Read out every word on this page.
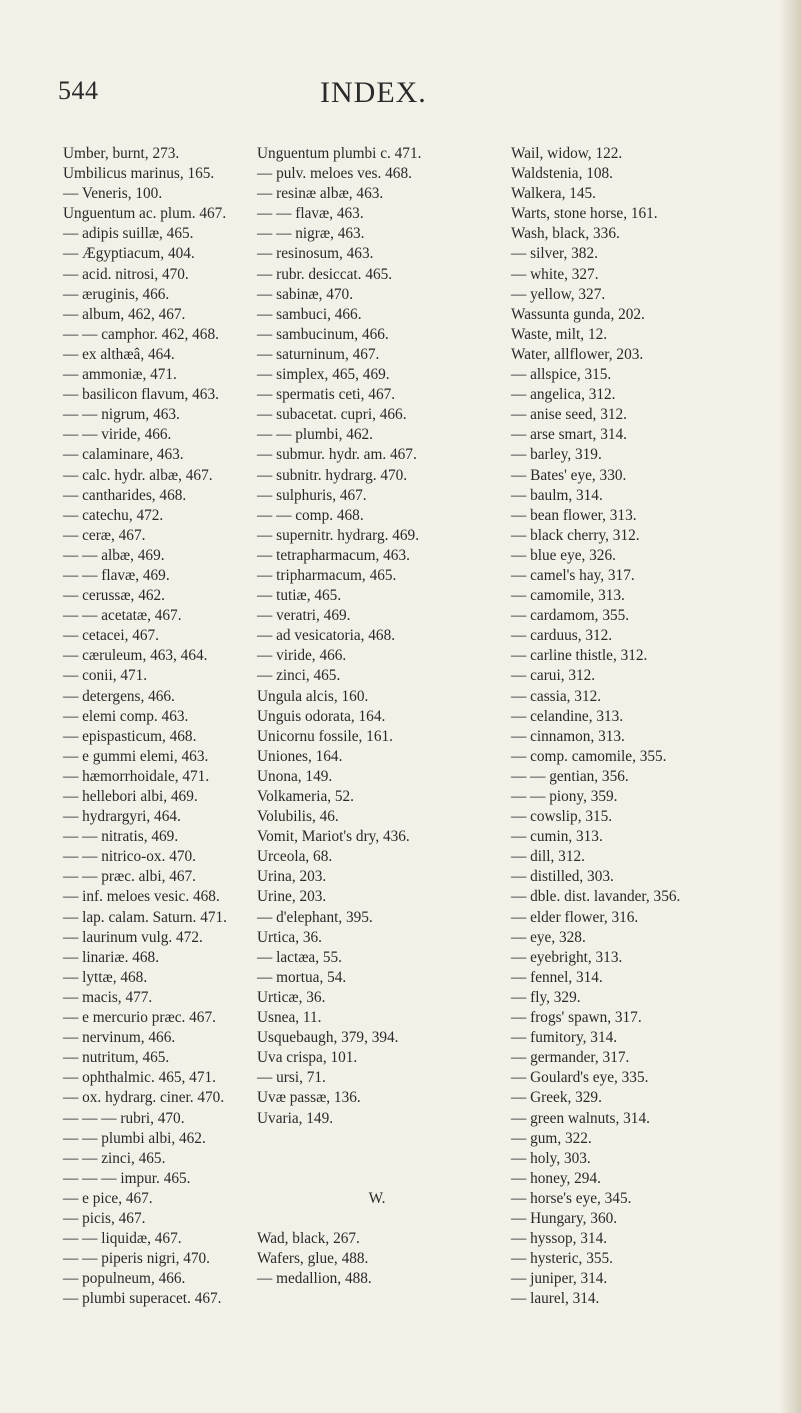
544	INDEX.
Umber, burnt, 273.
Umbilicus marinus, 165.
— Veneris, 100.
Unguentum ac. plum. 467.
— adipis suillæ, 465.
— Ægyptiacum, 404.
— acid. nitrosi, 470.
— æruginis, 466.
— album, 462, 467.
— — camphor. 462, 468.
— ex althæâ, 464.
— ammoniæ, 471.
— basilicon flavum, 463.
— — nigrum, 463.
— — viride, 466.
— calaminare, 463.
— calc. hydr. albæ, 467.
— cantharides, 468.
— catechu, 472.
— ceræ, 467.
— — albæ, 469.
— — flavæ, 469.
— cerussæ, 462.
— — acetatæ, 467.
— cetacei, 467.
— cæruleum, 463, 464.
— conii, 471.
— detergens, 466.
— elemi comp. 463.
— epispasticum, 468.
— e gummi elemi, 463.
— hæmorrhoidale, 471.
— hellebori albi, 469.
— hydrargyri, 464.
— — nitratis, 469.
— — nitrico-ox. 470.
— — præc. albi, 467.
— inf. meloes vesic. 468.
— lap. calam. Saturn. 471.
— laurinum vulg. 472.
— linariæ. 468.
— lyttæ, 468.
— macis, 477.
— e mercurio præc. 467.
— nervinum, 466.
— nutritum, 465.
— ophthalmic. 465, 471.
— ox. hydrarg. ciner. 470.
— — — rubri, 470.
— — plumbi albi, 462.
— — zinci, 465.
— — — impur. 465.
— e pice, 467.
— picis, 467.
— — liquidæ, 467.
— — piperis nigri, 470.
— populneum, 466.
— plumbi superacet. 467.
Unguentum plumbi c. 471.
— pulv. meloes ves. 468.
— resinæ albæ, 463.
— — flavæ, 463.
— — nigræ, 463.
— resinosum, 463.
— rubr. desiccat. 465.
— sabinæ, 470.
— sambuci, 466.
— sambucinum, 466.
— saturninum, 467.
— simplex, 465, 469.
— spermatis ceti, 467.
— subacetat. cupri, 466.
— — plumbi, 462.
— submur. hydr. am. 467.
— subnitr. hydrarg. 470.
— sulphuris, 467.
— — comp. 468.
— supernitr. hydrarg. 469.
— tetrapharmacum, 463.
— tripharmacum, 465.
— tutiæ, 465.
— veratri, 469.
— ad vesicatoria, 468.
— viride, 466.
— zinci, 465.
Ungula alcis, 160.
Unguis odorata, 164.
Unicornu fossile, 161.
Uniones, 164.
Unona, 149.
Volkameria, 52.
Volubilis, 46.
Vomit, Mariot's dry, 436.
Urceola, 68.
Urina, 203.
Urine, 203.
— d'elephant, 395.
Urtica, 36.
— lactæa, 55.
— mortua, 54.
Urticæ, 36.
Usnea, 11.
Usquebaugh, 379, 394.
Uva crispa, 101.
— ursi, 71.
Uvæ passæ, 136.
Uvaria, 149.
W.
Wad, black, 267.
Wafers, glue, 488.
— medallion, 488.
Wail, widow, 122.
Waldstenia, 108.
Walkera, 145.
Warts, stone horse, 161.
Wash, black, 336.
— silver, 382.
— white, 327.
— yellow, 327.
Wassunta gunda, 202.
Waste, milt, 12.
Water, allflower, 203.
— allspice, 315.
— angelica, 312.
— anise seed, 312.
— arse smart, 314.
— barley, 319.
— Bates' eye, 330.
— baulm, 314.
— bean flower, 313.
— black cherry, 312.
— blue eye, 326.
— camel's hay, 317.
— camomile, 313.
— cardamom, 355.
— carduus, 312.
— carline thistle, 312.
— carui, 312.
— cassia, 312.
— celandine, 313.
— cinnamon, 313.
— comp. camomile, 355.
— — gentian, 356.
— — piony, 359.
— cowslip, 315.
— cumin, 313.
— dill, 312.
— distilled, 303.
— dble. dist. lavander, 356.
— elder flower, 316.
— eye, 328.
— eyebright, 313.
— fennel, 314.
— fly, 329.
— frogs' spawn, 317.
— fumitory, 314.
— germander, 317.
— Goulard's eye, 335.
— Greek, 329.
— green walnuts, 314.
— gum, 322.
— holy, 303.
— honey, 294.
— horse's eye, 345.
— Hungary, 360.
— hyssop, 314.
— hysteric, 355.
— juniper, 314.
— laurel, 314.
